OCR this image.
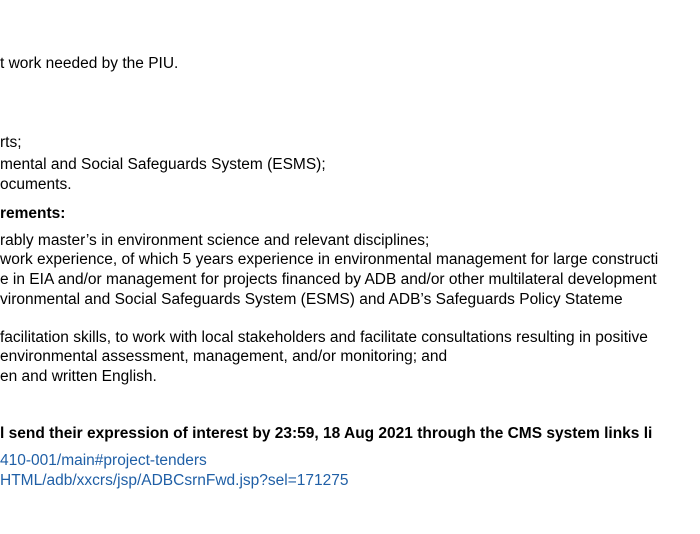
t work needed by the PIU.
rts;
mental and Social Safeguards System (ESMS);
ocuments.
rements:
rably master’s in environment science and relevant disciplines;
work experience, of which 5 years experience in environmental management for large constructi
e in EIA and/or management for projects financed by ADB and/or other multilateral development
vironmental and Social Safeguards System (ESMS) and ADB’s Safeguards Policy Stateme
facilitation skills, to work with local stakeholders and facilitate consultations resulting in positive
environmental assessment, management, and/or monitoring; and
en and written English.
l send their expression of interest by 23:59, 18 Aug 2021 through the CMS system links li
410-001/main#project-tenders
HTML/adb/xxcrs/jsp/ADBCsrnFwd.jsp?sel=171275
